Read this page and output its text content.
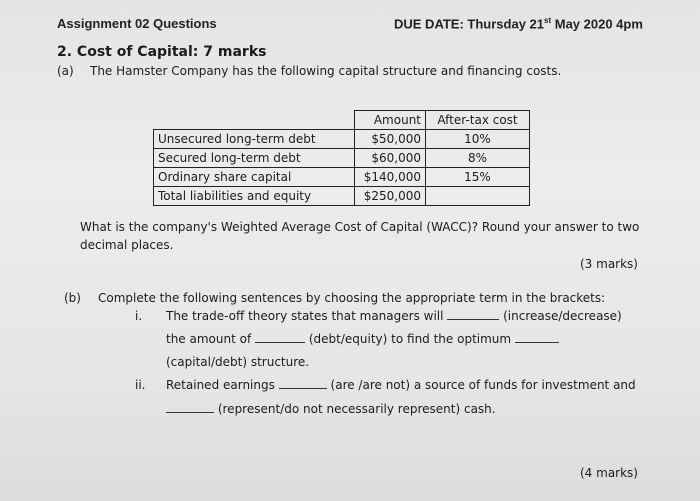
Assignment 02 Questions	DUE DATE: Thursday 21st May 2020 4pm
2. Cost of Capital: 7 marks
(a) The Hamster Company has the following capital structure and financing costs.
	Amount	After-tax cost
Unsecured long-term debt	$50,000	10%
Secured long-term debt	$60,000	8%
Ordinary share capital	$140,000	15%
Total liabilities and equity	$250,000	
What is the company's Weighted Average Cost of Capital (WACC)? Round your answer to two
decimal places.
(3 marks)
(b) Complete the following sentences by choosing the appropriate term in the brackets:
i. The trade-off theory states that managers will	(increase/decrease)
the amount of	(debt/equity) to find the optimum
(capital/debt) structure.
ii. Retained earnings	(are /are not) a source of funds for investment and
(represent/do not necessarily represent) cash.
(4 marks)
